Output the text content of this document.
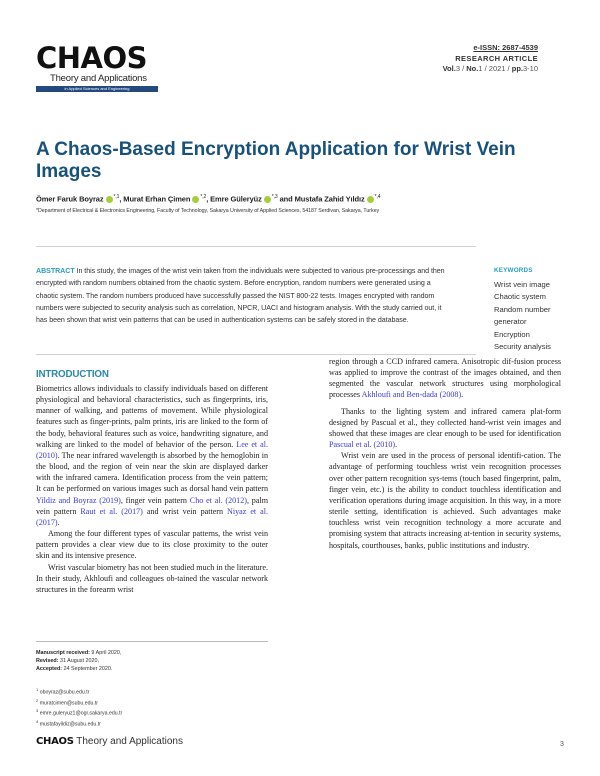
CHAOS
Theory and Applications
in Applied Sciences and Engineering
e-ISSN: 2687-4539
RESEARCH ARTICLE
Vol.3 / No.1 / 2021 / pp.3-10
A Chaos-Based Encryption Application for Wrist Vein Images
Ömer Faruk Boyraz $^{*,1}$, Murat Erhan Çimen $^{*,2}$, Emre Güleryüz $^{*,3}$ and Mustafa Zahid Yıldız $^{*,4}$
*Department of Electrical & Electronics Engineering, Faculty of Technology, Sakarya University of Applied Sciences, 54187 Serdivan, Sakarya, Turkey
ABSTRACT In this study, the images of the wrist vein taken from the individuals were subjected to various pre-processings and then encrypted with random numbers obtained from the chaotic system. Before encryption, random numbers were generated using a chaotic system. The random numbers produced have successfully passed the NIST 800-22 tests. Images encrypted with random numbers were subjected to security analysis such as correlation, NPCR, UACI and histogram analysis. With the study carried out, it has been shown that wrist vein patterns that can be used in authentication systems can be safely stored in the database.
KEYWORDS
Wrist vein image
Chaotic system
Random number
generator
Encryption
Security analysis
INTRODUCTION

Biometrics allows individuals to classify individuals based on different physiological and behavioral characteristics, such as fingerprints, iris, manner of walking, and patterns of movement. While physiological features such as finger-prints, palm prints, iris are linked to the form of the body, behavioral features such as voice, handwriting signature, and walking are linked to the model of behavior of the person. Lee et al. (2010). The near infrared wavelength is absorbed by the hemoglobin in the blood, and the region of vein near the skin are displayed darker with the infrared camera. Identification process from the vein pattern; It can be performed on various images such as dorsal hand vein pattern Yildiz and Boyraz (2019), finger vein pattern Cho et al. (2012), palm vein pattern Raut et al. (2017) and wrist vein pattern Niyaz et al. (2017).

Among the four different types of vascular patterns, the wrist vein pattern provides a clear view due to its close proximity to the outer skin and its intensive presence.

Wrist vascular biometry has not been studied much in the literature. In their study, Akhloufi and colleagues ob-tained the vascular network structures in the forearm wrist

region through a CCD infrared camera. Anisotropic dif-fusion process was applied to improve the contrast of the images obtained, and then segmented the vascular network structures using morphological processes Akhloufi and Ben-dada (2008).

Thanks to the lighting system and infrared camera plat-form designed by Pascual et al., they collected hand-wrist vein images and showed that these images are clear enough to be used for identification Pascual et al. (2010).

Wrist vein are used in the process of personal identifi-cation. The advantage of performing touchless wrist vein recognition processes over other pattern recognition sys-tems (touch based fingerprint, palm, finger vein, etc.) is the ability to conduct touchless identification and verification operations during image acquisition. In this way, in a more sterile setting, identification is achieved. Such advantages make touchless wrist vein recognition technology a more accurate and promising system that attracts increasing at-tention in security systems, hospitals, courthouses, banks, public institutions and industry.

Manuscript received: 9 April 2020,
Revised: 31 August 2020,
Accepted: 24 September 2020.
$^1$ oboyraz@subu.edu.tr
$^2$ muratcimen@subu.edu.tr
$^3$ emre.guleryuz1@ogr.sakarya.edu.tr
$^4$ mustafayildiz@subu.edu.tr
CHAOS Theory and Applications	3
